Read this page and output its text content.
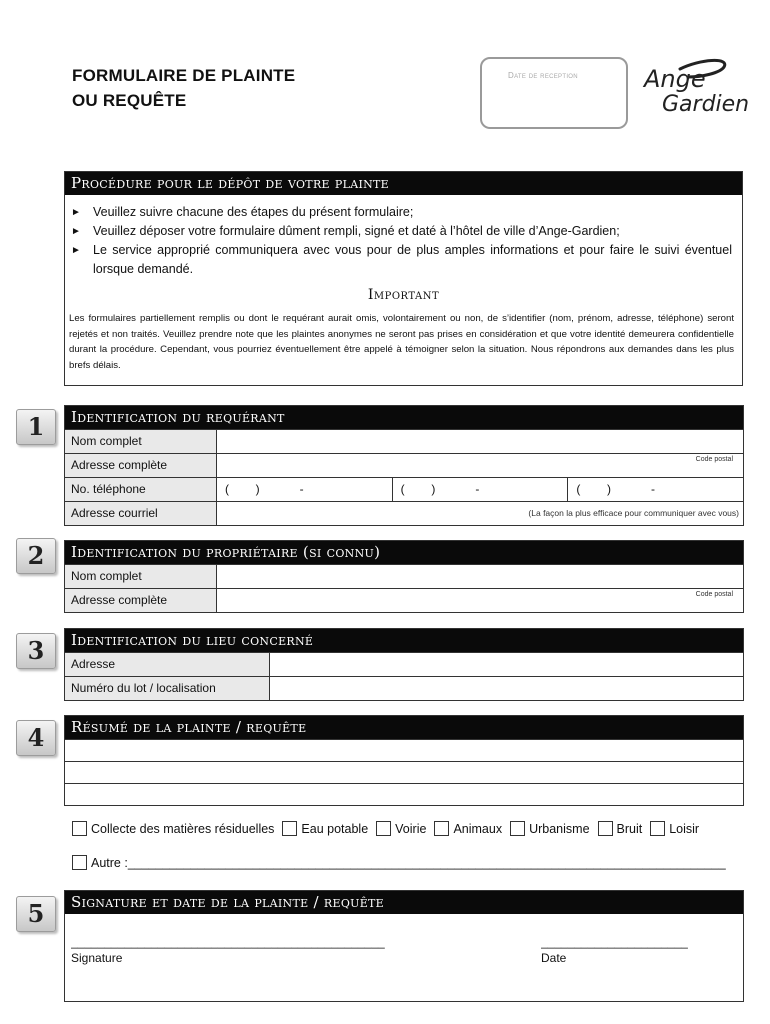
FORMULAIRE DE PLAINTE
OU REQUÊTE
Date de reception	Ange
Gardien
Procédure pour le dépôt de votre plainte
► Veuillez suivre chacune des étapes du présent formulaire;
► Veuillez déposer votre formulaire dûment rempli, signé et daté à l’hôtel de ville d’Ange-Gardien;
► Le service approprié communiquera avec vous pour de plus amples informations et pour faire le suivi éventuel lorsque demandé.
Important
Les formulaires partiellement remplis ou dont le requérant aurait omis, volontairement ou non, de s’identifier (nom, prénom, adresse, téléphone) seront rejetés et non traités. Veuillez prendre note que les plaintes anonymes ne seront pas prises en considération et que votre identité demeurera confidentielle durant la procédure. Cependant, vous pourriez éventuellement être appelé à témoigner selon la situation. Nous répondrons aux demandes dans les plus brefs délais.
1	Identification du requérant
Nom complet
Adresse complète	Code postal
No. téléphone	(        )            -	(        )            -	(        )            -
Adresse courriel	(La façon la plus efficace pour communiquer avec vous)
2	Identification du propriétaire (si connu)
Nom complet
Adresse complète	Code postal
3	Identification du lieu concerné
Adresse
Numéro du lot / localisation
4	Résumé de la plainte / requête
Collecte des matières résiduelles Eau potable Voirie Animaux Urbanisme Bruit Loisir
Autre : ______________________________________________________________________________________
5	Signature et date de la plainte / requête
_______________________________________________
Signature
______________________
Date
